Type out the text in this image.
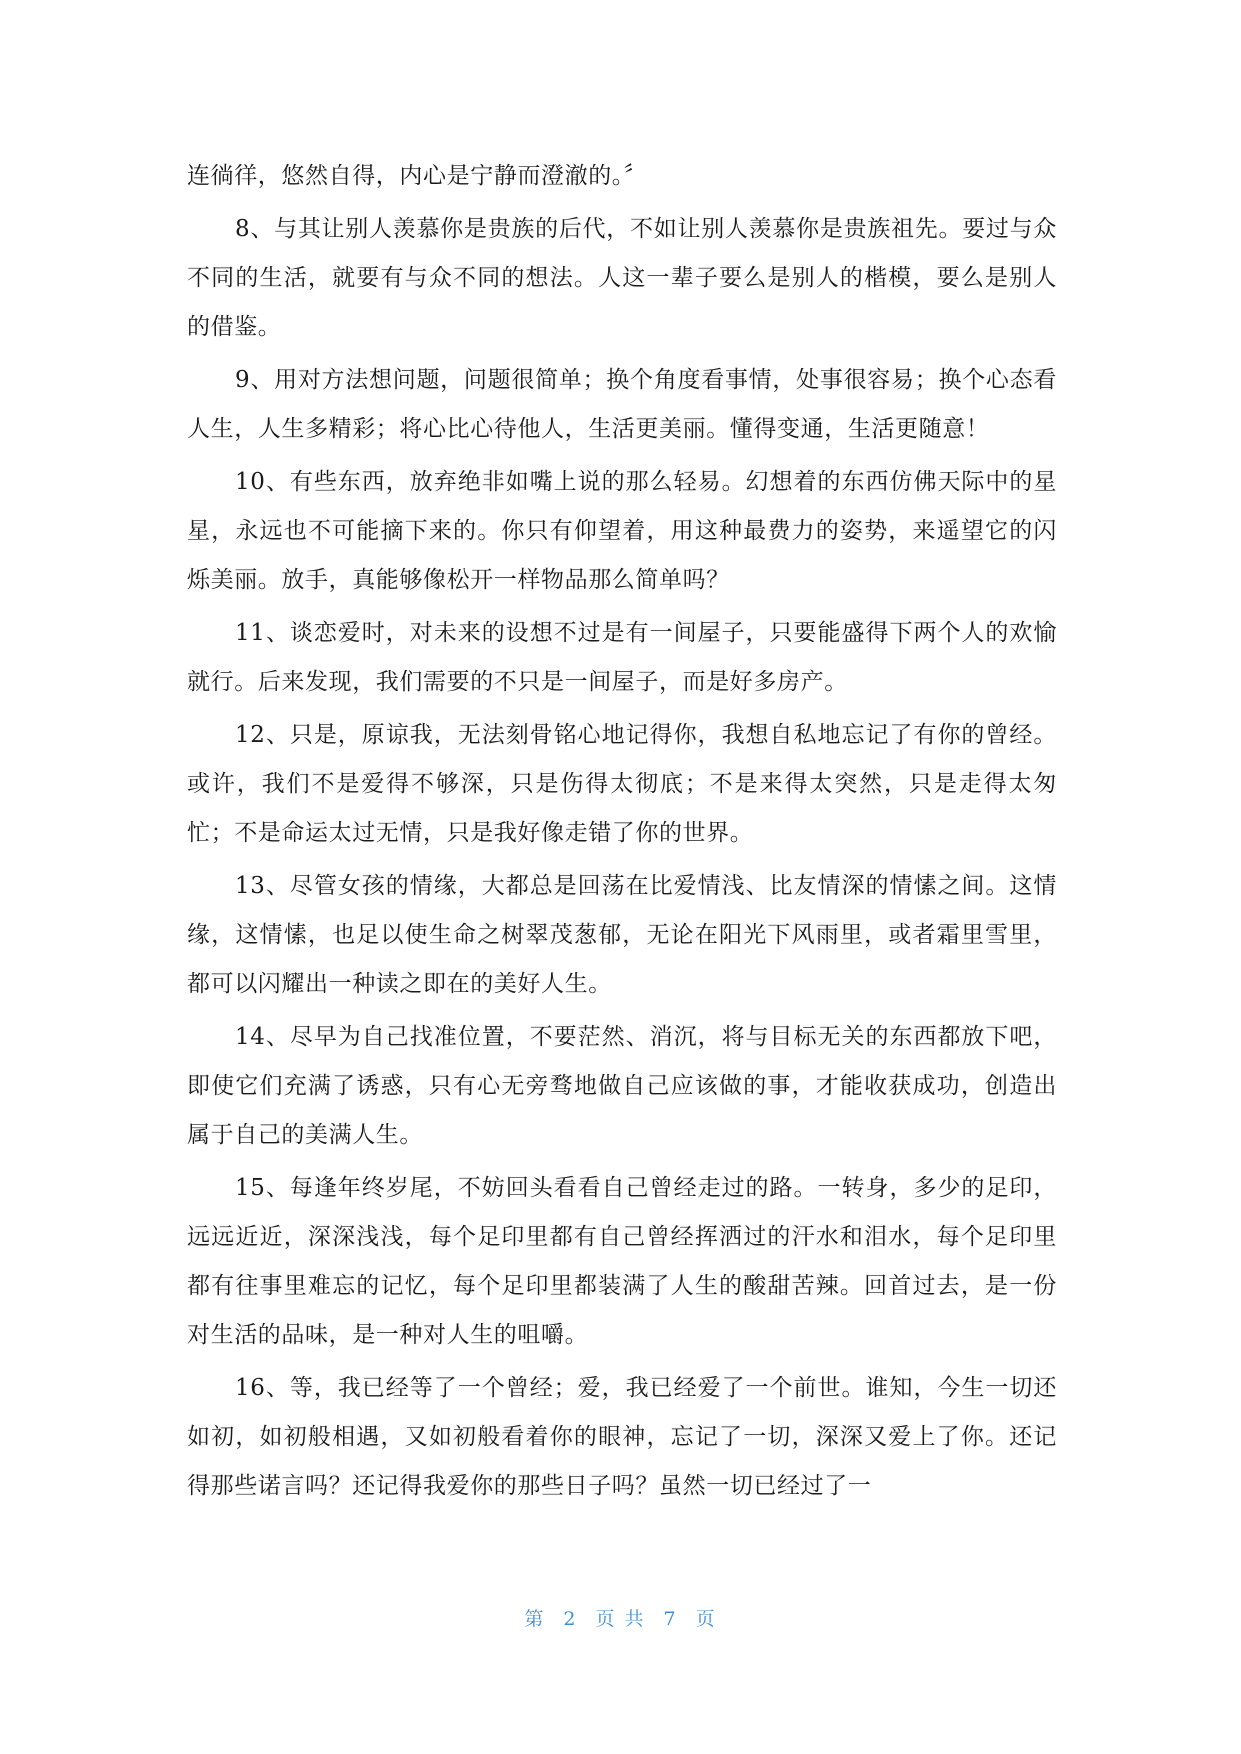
连徜徉，悠然自得，内心是宁静而澄澈的。〞

8、与其让别人羡慕你是贵族的后代，不如让别人羡慕你是贵族祖先。要过与众不同的生活，就要有与众不同的想法。人这一辈子要么是别人的楷模，要么是别人的借鉴。

9、用对方法想问题，问题很简单；换个角度看事情，处事很容易；换个心态看人生，人生多精彩；将心比心待他人，生活更美丽。懂得变通，生活更随意！

10、有些东西，放弃绝非如嘴上说的那么轻易。幻想着的东西仿佛天际中的星星，永远也不可能摘下来的。你只有仰望着，用这种最费力的姿势，来遥望它的闪烁美丽。放手，真能够像松开一样物品那么简单吗？

11、谈恋爱时，对未来的设想不过是有一间屋子，只要能盛得下两个人的欢愉就行。后来发现，我们需要的不只是一间屋子，而是好多房产。

12、只是，原谅我，无法刻骨铭心地记得你，我想自私地忘记了有你的曾经。或许，我们不是爱得不够深，只是伤得太彻底；不是来得太突然，只是走得太匆忙；不是命运太过无情，只是我好像走错了你的世界。

13、尽管女孩的情缘，大都总是回荡在比爱情浅、比友情深的情愫之间。这情缘，这情愫，也足以使生命之树翠茂葱郁，无论在阳光下风雨里，或者霜里雪里，都可以闪耀出一种读之即在的美好人生。

14、尽早为自己找准位置，不要茫然、消沉，将与目标无关的东西都放下吧，即使它们充满了诱惑，只有心无旁骛地做自己应该做的事，才能收获成功，创造出属于自己的美满人生。

15、每逢年终岁尾，不妨回头看看自己曾经走过的路。一转身，多少的足印，远远近近，深深浅浅，每个足印里都有自己曾经挥洒过的汗水和泪水，每个足印里都有往事里难忘的记忆，每个足印里都装满了人生的酸甜苦辣。回首过去，是一份对生活的品味，是一种对人生的咀嚼。

16、等，我已经等了一个曾经；爱，我已经爱了一个前世。谁知，今生一切还如初，如初般相遇，又如初般看着你的眼神，忘记了一切，深深又爱上了你。还记得那些诺言吗？还记得我爱你的那些日子吗？虽然一切已经过了一

第 2 页 共 7 页
